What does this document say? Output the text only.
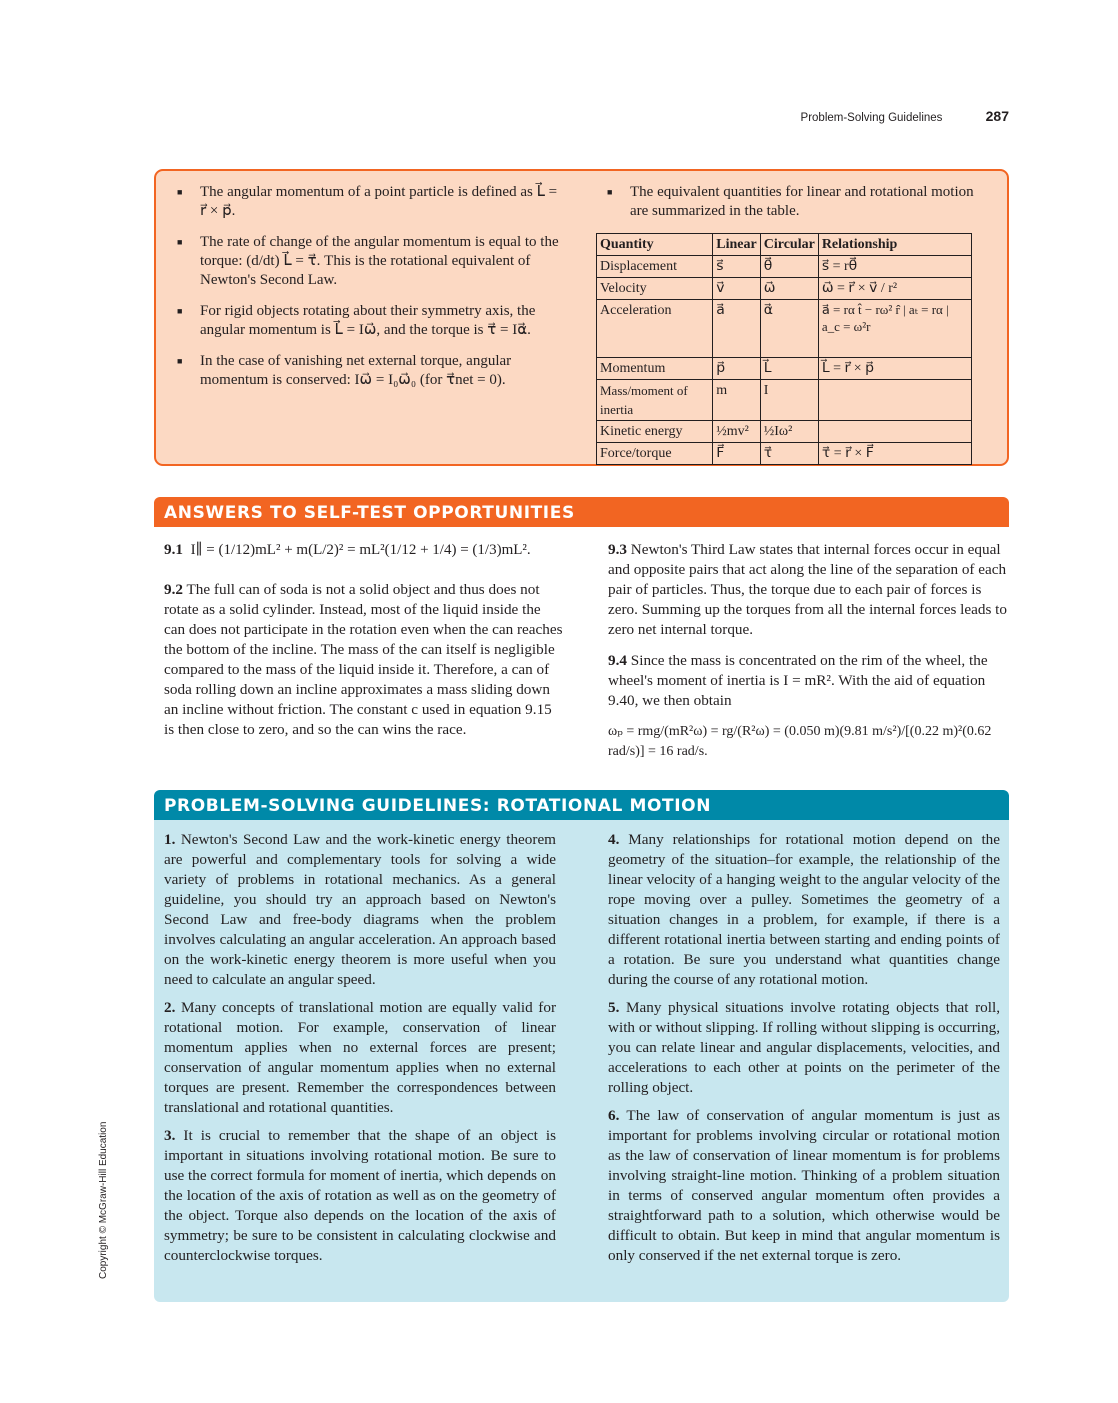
Problem-Solving Guidelines	287
■ The angular momentum of a point particle is defined as L⃗ = r⃗ × p⃗.
■ The rate of change of the angular momentum is equal to the torque: (d/dt) L⃗ = τ⃗. This is the rotational equivalent of Newton's Second Law.
■ For rigid objects rotating about their symmetry axis, the angular momentum is L⃗ = Iω⃗, and the torque is τ⃗ = Iα⃗.
■ In the case of vanishing net external torque, angular momentum is conserved: Iω⃗ = I₀ω⃗₀ (for τ⃗net = 0).
■ The equivalent quantities for linear and rotational motion are summarized in the table.
Quantity	Linear	Circular	Relationship
Displacement	s⃗	θ⃗	s⃗ = rθ⃗
Velocity	v⃗	ω⃗	ω⃗ = r⃗ × v⃗ / r²
Acceleration	a⃗	α⃗	a⃗ = rα t̂ − rω² r̂ | aₜ = rα | a_c = ω²r
Momentum	p⃗	L⃗	L⃗ = r⃗ × p⃗
Mass/moment of inertia	m	I	
Kinetic energy	½mv²	½Iω²	
Force/torque	F⃗	τ⃗	τ⃗ = r⃗ × F⃗
ANSWERS TO SELF-TEST OPPORTUNITIES

9.1 I∥ = (1/12)mL² + m(L/2)² = mL²(1/12 + 1/4) = (1/3)mL².

9.2 The full can of soda is not a solid object and thus does not rotate as a solid cylinder. Instead, most of the liquid inside the can does not participate in the rotation even when the can reaches the bottom of the incline. The mass of the can itself is negligible compared to the mass of the liquid inside it. Therefore, a can of soda rolling down an incline approximates a mass sliding down an incline without friction. The constant c used in equation 9.15 is then close to zero, and so the can wins the race.

9.3 Newton's Third Law states that internal forces occur in equal and opposite pairs that act along the line of the separation of each pair of particles. Thus, the torque due to each pair of forces is zero. Summing up the torques from all the internal forces leads to zero net internal torque.

9.4 Since the mass is concentrated on the rim of the wheel, the wheel's moment of inertia is I = mR². With the aid of equation 9.40, we then obtain

ωₚ = rmg/(mR²ω) = rg/(R²ω) = (0.050 m)(9.81 m/s²)/[(0.22 m)²(0.62 rad/s)] = 16 rad/s.

PROBLEM-SOLVING GUIDELINES: ROTATIONAL MOTION

1. Newton's Second Law and the work-kinetic energy theorem are powerful and complementary tools for solving a wide variety of problems in rotational mechanics. As a general guideline, you should try an approach based on Newton's Second Law and free-body diagrams when the problem involves calculating an angular acceleration. An approach based on the work-kinetic energy theorem is more useful when you need to calculate an angular speed.

2. Many concepts of translational motion are equally valid for rotational motion. For example, conservation of linear momentum applies when no external forces are present; conservation of angular momentum applies when no external torques are present. Remember the correspondences between translational and rotational quantities.

3. It is crucial to remember that the shape of an object is important in situations involving rotational motion. Be sure to use the correct formula for moment of inertia, which depends on the location of the axis of rotation as well as on the geometry of the object. Torque also depends on the location of the axis of symmetry; be sure to be consistent in calculating clockwise and counterclockwise torques.

4. Many relationships for rotational motion depend on the geometry of the situation–for example, the relationship of the linear velocity of a hanging weight to the angular velocity of the rope moving over a pulley. Sometimes the geometry of a situation changes in a problem, for example, if there is a different rotational inertia between starting and ending points of a rotation. Be sure you understand what quantities change during the course of any rotational motion.

5. Many physical situations involve rotating objects that roll, with or without slipping. If rolling without slipping is occurring, you can relate linear and angular displacements, velocities, and accelerations to each other at points on the perimeter of the rolling object.

6. The law of conservation of angular momentum is just as important for problems involving circular or rotational motion as the law of conservation of linear momentum is for problems involving straight-line motion. Thinking of a problem situation in terms of conserved angular momentum often provides a straightforward path to a solution, which otherwise would be difficult to obtain. But keep in mind that angular momentum is only conserved if the net external torque is zero.

Copyright © McGraw-Hill Education
